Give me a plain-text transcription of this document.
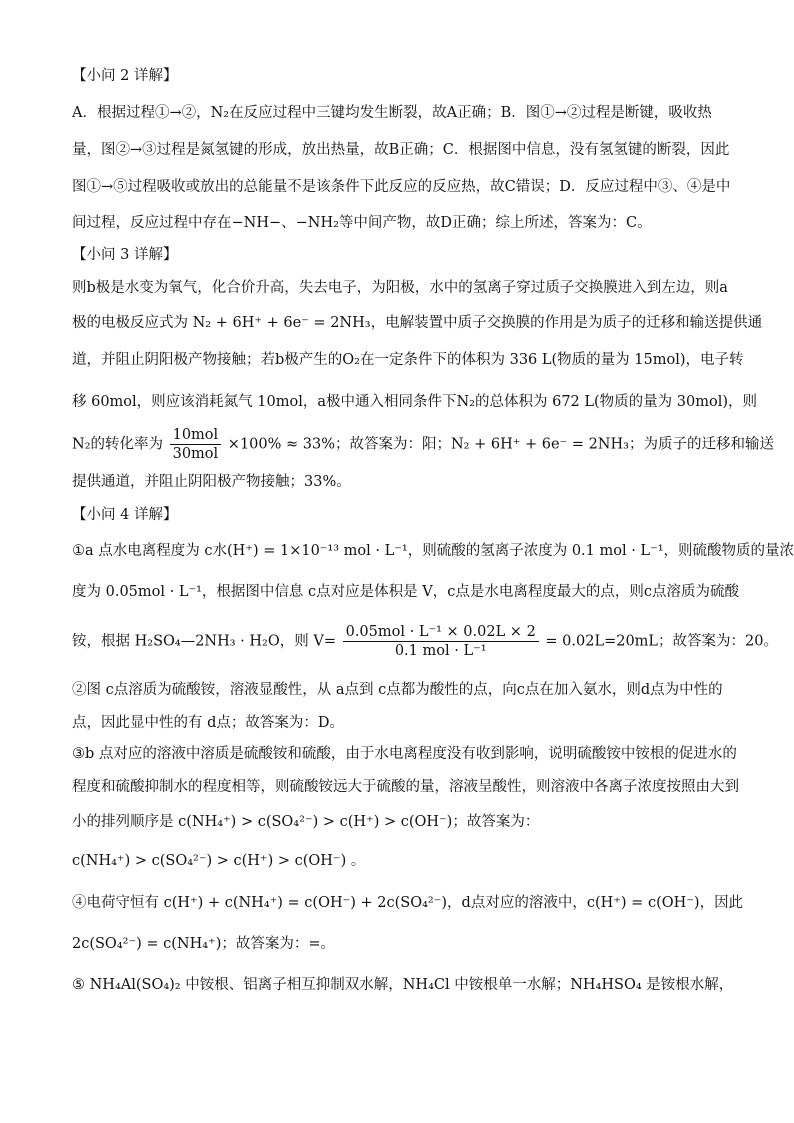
【小问 2 详解】
A．根据过程①→②，N₂在反应过程中三键均发生断裂，故A正确；B．图①→②过程是断键，吸收热
量，图②→③过程是氮氢键的形成，放出热量，故B正确；C．根据图中信息，没有氢氢键的断裂，因此
图①→⑤过程吸收或放出的总能量不是该条件下此反应的反应热，故C错误；D．反应过程中③、④是中
间过程，反应过程中存在−NH−、−NH₂等中间产物，故D正确；综上所述，答案为：C。
【小问 3 详解】
则b极是水变为氧气，化合价升高，失去电子，为阳极，水中的氢离子穿过质子交换膜进入到左边，则a
极的电极反应式为 N₂ + 6H⁺ + 6e⁻ = 2NH₃，电解装置中质子交换膜的作用是为质子的迁移和输送提供通
道，并阻止阴阳极产物接触；若b极产生的O₂在一定条件下的体积为 336 L(物质的量为 15mol)，电子转
移 60mol，则应该消耗氮气 10mol，a极中通入相同条件下N₂的总体积为 672 L(物质的量为 30mol)，则
N₂的转化率为 $\frac{\text{10mol}}{\text{30mol}} \times 100\% \approx 33\%$；故答案为：阳；N₂ + 6H⁺ + 6e⁻ = 2NH₃；为质子的迁移和输送
提供通道，并阻止阴阳极产物接触；33%。
【小问 4 详解】
①a 点水电离程度为 c水(H⁺) = 1×10⁻¹³ mol · L⁻¹，则硫酸的氢离子浓度为 0.1 mol · L⁻¹，则硫酸物质的量浓
度为 0.05mol · L⁻¹，根据图中信息 c点对应是体积是 V，c点是水电离程度最大的点，则c点溶质为硫酸
铵，根据 H₂SO₄—2NH₃ · H₂O，则 $V= \frac{\text{0.05mol · L⁻¹ × 0.02L × 2}}{\text{0.1 mol · L⁻¹}} = 0.02L=20mL$；故答案为：20。
②图 c点溶质为硫酸铵，溶液显酸性，从 a点到 c点都为酸性的点，向c点在加入氨水，则d点为中性的
点，因此显中性的有 d点；故答案为：D。
③b 点对应的溶液中溶质是硫酸铵和硫酸，由于水电离程度没有收到影响，说明硫酸铵中铵根的促进水的
程度和硫酸抑制水的程度相等，则硫酸铵远大于硫酸的量，溶液呈酸性，则溶液中各离子浓度按照由大到
小的排列顺序是 c(NH₄⁺) > c(SO₄²⁻) > c(H⁺) > c(OH⁻)；故答案为：
c(NH₄⁺) > c(SO₄²⁻) > c(H⁺) > c(OH⁻) 。
④电荷守恒有 c(H⁺) + c(NH₄⁺) = c(OH⁻) + 2c(SO₄²⁻)，d点对应的溶液中，c(H⁺) = c(OH⁻)，因此
2c(SO₄²⁻) = c(NH₄⁺)；故答案为：=。
⑤ NH₄Al(SO₄)₂ 中铵根、铝离子相互抑制双水解，NH₄Cl 中铵根单一水解；NH₄HSO₄ 是铵根水解，
